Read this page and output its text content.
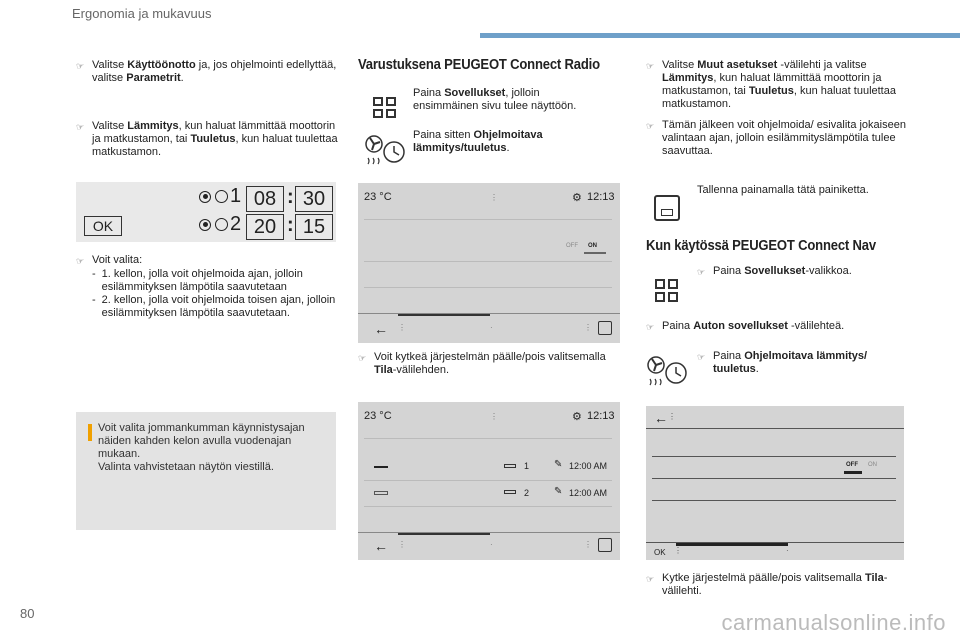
Ergonomia ja mukavuus
☞ Valitse Käyttöönotto ja, jos ohjelmointi edellyttää, valitse Parametrit.
☞ Valitse Lämmitys, kun haluat lämmittää moottorin ja matkustamon, tai Tuuletus, kun haluat tuulettaa matkustamon.
OK
1 08 : 30
2 20 : 15
☞ Voit valita:
- 1. kellon, jolla voit ohjelmoida ajan, jolloin esilämmityksen lämpötila saavutetaan
- 2. kellon, jolla voit ohjelmoida toisen ajan, jolloin esilämmityksen lämpötila saavutetaan.
Voit valita jommankumman käynnistysajan näiden kahden kelon avulla vuodenajan mukaan.
Valinta vahvistetaan näytön viestillä.
Varustuksena PEUGEOT Connect Radio
Paina Sovellukset, jolloin ensimmäinen sivu tulee näyttöön.
Paina sitten Ohjelmoitava lämmitys/tuuletus.
23 °C	⋮	⚙ 12:13
OFF ON
← ⋮	·	⋮
☞ Voit kytkeä järjestelmän päälle/pois valitsemalla Tila-välilehden.
23 °C	⋮	⚙ 12:13
1 ✎ 12:00 AM
2 ✎ 12:00 AM
← ⋮	·	⋮
☞ Valitse Muut asetukset -välilehti ja valitse Lämmitys, kun haluat lämmittää moottorin ja matkustamon, tai Tuuletus, kun haluat tuulettaa matkustamon.
☞ Tämän jälkeen voit ohjelmoida/ esivalita jokaiseen valintaan ajan, jolloin esilämmityslämpötila tulee saavuttaa.
Tallenna painamalla tätä painiketta.
Kun käytössä PEUGEOT Connect Nav
☞ Paina Sovellukset-valikkoa.
☞ Paina Auton sovellukset -välilehteä.
☞ Paina Ohjelmoitava lämmitys/ tuuletus.
← ⋮
OFF ON
OK ⋮	·
☞ Kytke järjestelmä päälle/pois valitsemalla Tila-välilehti.
80	carmanualsonline.info
